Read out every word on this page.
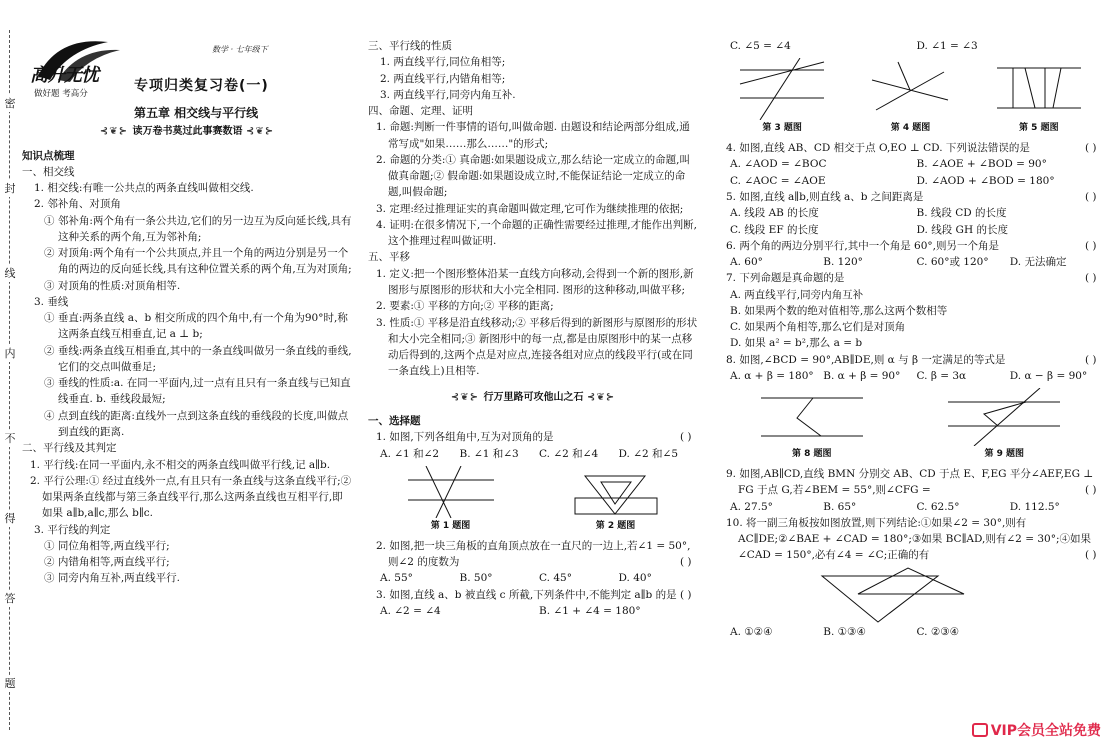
密
封
线
内
不
得
答
题
高升无忧
做好题 考高分
数学 · 七年级下
专项归类复习卷(一)
第五章 相交线与平行线
⊰❦⊱ 读万卷书莫过此事赛数语 ⊰❦⊱
知识点梳理
一、相交线
1. 相交线:有唯一公共点的两条直线叫做相交线.
2. 邻补角、对顶角
① 邻补角:两个角有一条公共边,它们的另一边互为反向延长线,具有这种关系的两个角,互为邻补角;
② 对顶角:两个角有一个公共顶点,并且一个角的两边分别是另一个角的两边的反向延长线,具有这种位置关系的两个角,互为对顶角;
③ 对顶角的性质:对顶角相等.
3. 垂线
① 垂直:两条直线 a、b 相交所成的四个角中,有一个角为90°时,称这两条直线互相垂直,记 a ⊥ b;
② 垂线:两条直线互相垂直,其中的一条直线叫做另一条直线的垂线,它们的交点叫做垂足;
③ 垂线的性质:a. 在同一平面内,过一点有且只有一条直线与已知直线垂直. b. 垂线段最短;
④ 点到直线的距离:直线外一点到这条直线的垂线段的长度,叫做点到直线的距离.
二、平行线及其判定
1. 平行线:在同一平面内,永不相交的两条直线叫做平行线,记 a∥b.
2. 平行公理:① 经过直线外一点,有且只有一条直线与这条直线平行;② 如果两条直线都与第三条直线平行,那么这两条直线也互相平行,即如果 a∥b,a∥c,那么 b∥c.
3. 平行线的判定
① 同位角相等,两直线平行;
② 内错角相等,两直线平行;
③ 同旁内角互补,两直线平行.
三、平行线的性质
1. 两直线平行,同位角相等;
2. 两直线平行,内错角相等;
3. 两直线平行,同旁内角互补.
四、命题、定理、证明
1. 命题:判断一件事情的语句,叫做命题. 由题设和结论两部分组成,通常写成"如果……那么……"的形式;
2. 命题的分类:① 真命题:如果题设成立,那么结论一定成立的命题,叫做真命题;② 假命题:如果题设成立时,不能保证结论一定成立的命题,叫假命题;
3. 定理:经过推理证实的真命题叫做定理,它可作为继续推理的依据;
4. 证明:在很多情况下,一个命题的正确性需要经过推理,才能作出判断,这个推理过程叫做证明.
五、平移
1. 定义:把一个图形整体沿某一直线方向移动,会得到一个新的图形,新图形与原图形的形状和大小完全相同. 图形的这种移动,叫做平移;
2. 要素:① 平移的方向;② 平移的距离;
3. 性质:① 平移是沿直线移动;② 平移后得到的新图形与原图形的形状和大小完全相同;③ 新图形中的每一点,都是由原图形中的某一点移动后得到的,这两个点是对应点,连接各组对应点的线段平行(或在同一条直线上)且相等.
⊰❦⊱ 行万里路可攻他山之石 ⊰❦⊱
一、选择题
1. 如图,下列各组角中,互为对顶角的是	( )
A. ∠1 和∠2	B. ∠1 和∠3	C. ∠2 和∠4	D. ∠2 和∠5
第 1 题图	第 2 题图
2. 如图,把一块三角板的直角顶点放在一直尺的一边上,若∠1 = 50°,则∠2 的度数为	( )
A. 55°	B. 50°	C. 45°	D. 40°
3. 如图,直线 a、b 被直线 c 所截,下列条件中,不能判定 a∥b 的是 ( )
A. ∠2 = ∠4	B. ∠1 + ∠4 = 180°
C. ∠5 = ∠4	D. ∠1 = ∠3
第 3 题图	第 4 题图	第 5 题图
4. 如图,直线 AB、CD 相交于点 O,EO ⊥ CD. 下列说法错误的是	( )
A. ∠AOD = ∠BOC	B. ∠AOE + ∠BOD = 90°
C. ∠AOC = ∠AOE	D. ∠AOD + ∠BOD = 180°
5. 如图,直线 a∥b,则直线 a、b 之间距离是	( )
A. 线段 AB 的长度	B. 线段 CD 的长度
C. 线段 EF 的长度	D. 线段 GH 的长度
6. 两个角的两边分别平行,其中一个角是 60°,则另一个角是	( )
A. 60°	B. 120°	C. 60°或 120°	D. 无法确定
7. 下列命题是真命题的是	( )
A. 两直线平行,同旁内角互补
B. 如果两个数的绝对值相等,那么这两个数相等
C. 如果两个角相等,那么它们是对顶角
D. 如果 a² = b²,那么 a = b
8. 如图,∠BCD = 90°,AB∥DE,则 α 与 β 一定满足的等式是	( )
A. α + β = 180° B. α + β = 90°	C. β = 3α	D. α − β = 90°
第 8 题图	第 9 题图
9. 如图,AB∥CD,直线 BMN 分别交 AB、CD 于点 E、F,EG 平分∠AEF,EG ⊥ FG 于点 G,若∠BEM = 55°,则∠CFG =	( )
A. 27.5°	B. 65°	C. 62.5°	D. 112.5°
10. 将一副三角板按如图放置,则下列结论:①如果∠2 = 30°,则有 AC∥DE;②∠BAE + ∠CAD = 180°;③如果 BC∥AD,则有∠2 = 30°;④如果∠CAD = 150°,必有∠4 = ∠C;正确的有	( )
A. ①②④	B. ①③④	C. ②③④
VIP会员全站免费
